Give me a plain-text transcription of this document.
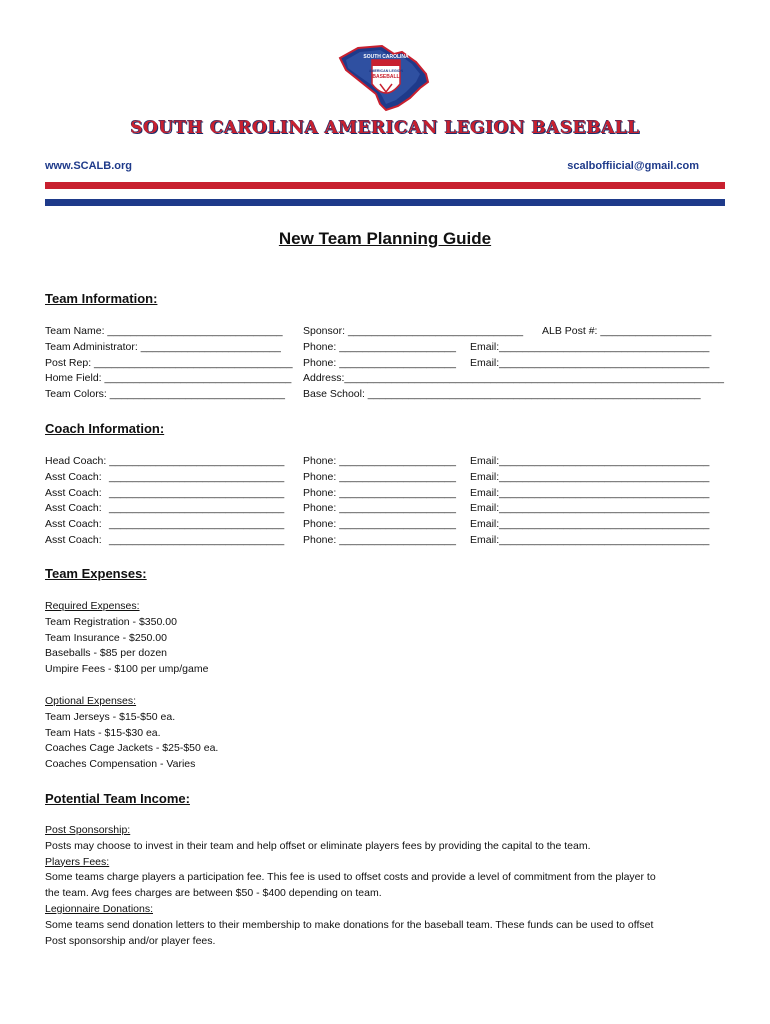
SOUTH CAROLINA
AMERICAN LEGION
BASEBALL
SOUTH CAROLINA AMERICAN LEGION BASEBALL
www.SCALB.org	scalboffiicial@gmail.com
New Team Planning Guide
Team Information:
Team Name: ______________________________ Sponsor: ______________________________ ALB Post #: ___________________
Team Administrator: ________________________ Phone: ____________________ Email:____________________________________
Post Rep: __________________________________ Phone: ____________________ Email:____________________________________
Home Field: ________________________________ Address:_________________________________________________________________
Team Colors: ______________________________ Base School: _________________________________________________________
Coach Information:
Head Coach: ______________________________ Phone: ____________________ Email:____________________________________
Asst Coach: ______________________________ Phone: ____________________ Email:____________________________________
Asst Coach: ______________________________ Phone: ____________________ Email:____________________________________
Asst Coach: ______________________________ Phone: ____________________ Email:____________________________________
Asst Coach: ______________________________ Phone: ____________________ Email:____________________________________
Asst Coach: ______________________________ Phone: ____________________ Email:____________________________________
Team Expenses:
Required Expenses:
Team Registration - $350.00
Team Insurance - $250.00
Baseballs - $85 per dozen
Umpire Fees - $100 per ump/game
Optional Expenses:
Team Jerseys - $15-$50 ea.
Team Hats - $15-$30 ea.
Coaches Cage Jackets - $25-$50 ea.
Coaches Compensation - Varies
Potential Team Income:
Post Sponsorship:
Posts may choose to invest in their team and help offset or eliminate players fees by providing the capital to the team.
Players Fees:
Some teams charge players a participation fee. This fee is used to offset costs and provide a level of commitment from the player to
the team. Avg fees charges are between $50 - $400 depending on team.
Legionnaire Donations:
Some teams send donation letters to their membership to make donations for the baseball team. These funds can be used to offset
Post sponsorship and/or player fees.
